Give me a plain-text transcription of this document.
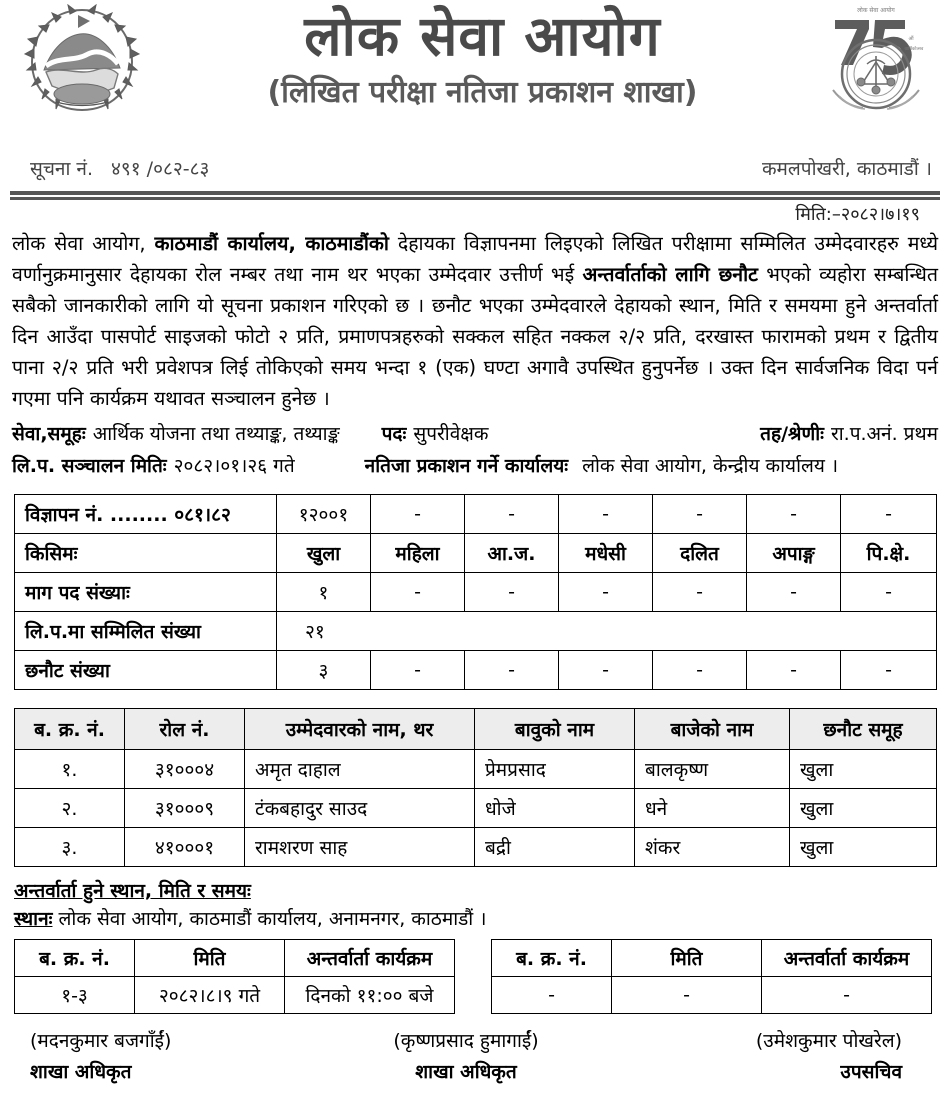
लोक सेवा आयोग
(लिखित परीक्षा नतिजा प्रकाशन शाखा)
लोक सेवा आयोग
औं
वार्षिकोत्सव
सूचना नं. ४९१ /०८२-८३	कमलपोखरी, काठमाडौं ।
मिति:–२०८२।७।१९
लोक सेवा आयोग, काठमाडौं कार्यालय, काठमाडौंको देहायका विज्ञापनमा लिइएको लिखित परीक्षामा सम्मिलित उम्मेदवारहरु मध्ये वर्णानुक्रमानुसार देहायका रोल नम्बर तथा नाम थर भएका उम्मेदवार उत्तीर्ण भई अन्तर्वार्ताको लागि छनौट भएको व्यहोरा सम्बन्धित सबैको जानकारीको लागि यो सूचना प्रकाशन गरिएको छ । छनौट भएका उम्मेदवारले देहायको स्थान, मिति र समयमा हुने अन्तर्वार्ता दिन आउँदा पासपोर्ट साइजको फोटो २ प्रति, प्रमाणपत्रहरुको सक्कल सहित नक्कल २/२ प्रति, दरखास्त फारामको प्रथम र द्वितीय पाना २/२ प्रति भरी प्रवेशपत्र लिई तोकिएको समय भन्दा १ (एक) घण्टा अगावै उपस्थित हुनुपर्नेछ । उक्त दिन सार्वजनिक विदा पर्न गएमा पनि कार्यक्रम यथावत सञ्चालन हुनेछ ।
सेवा,समूहः आर्थिक योजना तथा तथ्याङ्क, तथ्याङ्क पदः सुपरीवेक्षक	तह/श्रेणीः रा.प.अनं. प्रथम
लि.प. सञ्चालन मितिः २०८२।०१।२६ गते	नतिजा प्रकाशन गर्ने कार्यालयः लोक सेवा आयोग, केन्द्रीय कार्यालय ।
विज्ञापन नं. ........ ०८१।८२	१२००१	-	-	-	-	-	-
किसिमः	खुला	महिला	आ.ज.	मधेसी	दलित	अपाङ्ग	पि.क्षे.
माग पद संख्याः	१	-	-	-	-	-	-
लि.प.मा सम्मिलित संख्या	२१						
छनौट संख्या	३	-	-	-	-	-	-
ब. क्र. नं.	रोल नं.	उम्मेदवारको नाम, थर	बावुको नाम	बाजेको नाम	छनौट समूह
१.	३१०००४	अमृत दाहाल	प्रेमप्रसाद	बालकृष्ण	खुला
२.	३१०००९	टंकबहादुर साउद	धोजे	धने	खुला
३.	४१०००१	रामशरण साह	बद्री	शंकर	खुला
अन्तर्वार्ता हुने स्थान, मिति र समयः
स्थानः लोक सेवा आयोग, काठमाडौं कार्यालय, अनामनगर, काठमाडौं ।
ब. क्र. नं.	मिति	अन्तर्वार्ता कार्यक्रम
१-३	२०८२।८।९ गते	दिनको ११:०० बजे
ब. क्र. नं.	मिति	अन्तर्वार्ता कार्यक्रम
-	-	-
(मदनकुमार बजगाँईं)
शाखा अधिकृत
(कृष्णप्रसाद हुमागाईं)
शाखा अधिकृत
(उमेशकुमार पोखरेल)
उपसचिव
